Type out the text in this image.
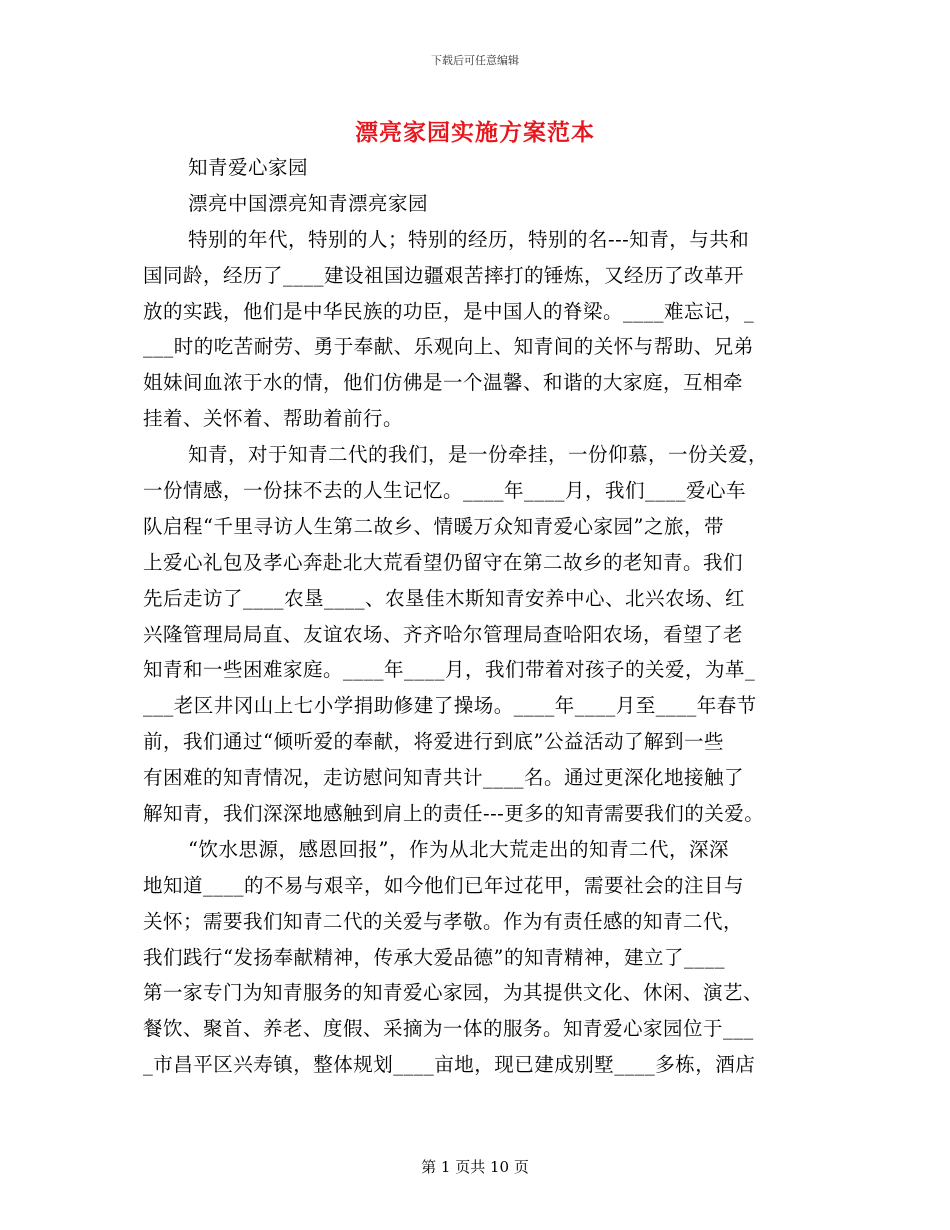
下载后可任意编辑
漂亮家园实施方案范本
知青爱心家园
漂亮中国漂亮知青漂亮家园
特别的年代，特别的人；特别的经历，特别的名---知青，与共和
国同龄，经历了____建设祖国边疆艰苦摔打的锤炼，又经历了改革开
放的实践，他们是中华民族的功臣，是中国人的脊梁。____难忘记，_
___时的吃苦耐劳、勇于奉献、乐观向上、知青间的关怀与帮助、兄弟
姐妹间血浓于水的情，他们仿佛是一个温馨、和谐的大家庭，互相牵
挂着、关怀着、帮助着前行。
知青，对于知青二代的我们，是一份牵挂，一份仰慕，一份关爱，
一份情感，一份抹不去的人生记忆。____年____月，我们____爱心车
队启程“千里寻访人生第二故乡、情暖万众知青爱心家园”之旅，带
上爱心礼包及孝心奔赴北大荒看望仍留守在第二故乡的老知青。我们
先后走访了____农垦____、农垦佳木斯知青安养中心、北兴农场、红
兴隆管理局局直、友谊农场、齐齐哈尔管理局查哈阳农场，看望了老
知青和一些困难家庭。____年____月，我们带着对孩子的关爱，为革_
___老区井冈山上七小学捐助修建了操场。____年____月至____年春节
前，我们通过“倾听爱的奉献，将爱进行到底”公益活动了解到一些
有困难的知青情况，走访慰问知青共计____名。通过更深化地接触了
解知青，我们深深地感触到肩上的责任---更多的知青需要我们的关爱。
“饮水思源，感恩回报”，作为从北大荒走出的知青二代，深深
地知道____的不易与艰辛，如今他们已年过花甲，需要社会的注目与
关怀；需要我们知青二代的关爱与孝敬。作为有责任感的知青二代，
我们践行“发扬奉献精神，传承大爱品德”的知青精神，建立了____
第一家专门为知青服务的知青爱心家园，为其提供文化、休闲、演艺、
餐饮、聚首、养老、度假、采摘为一体的服务。知青爱心家园位于___
_市昌平区兴寿镇，整体规划____亩地，现已建成别墅____多栋，酒店
第 1 页共 10 页
